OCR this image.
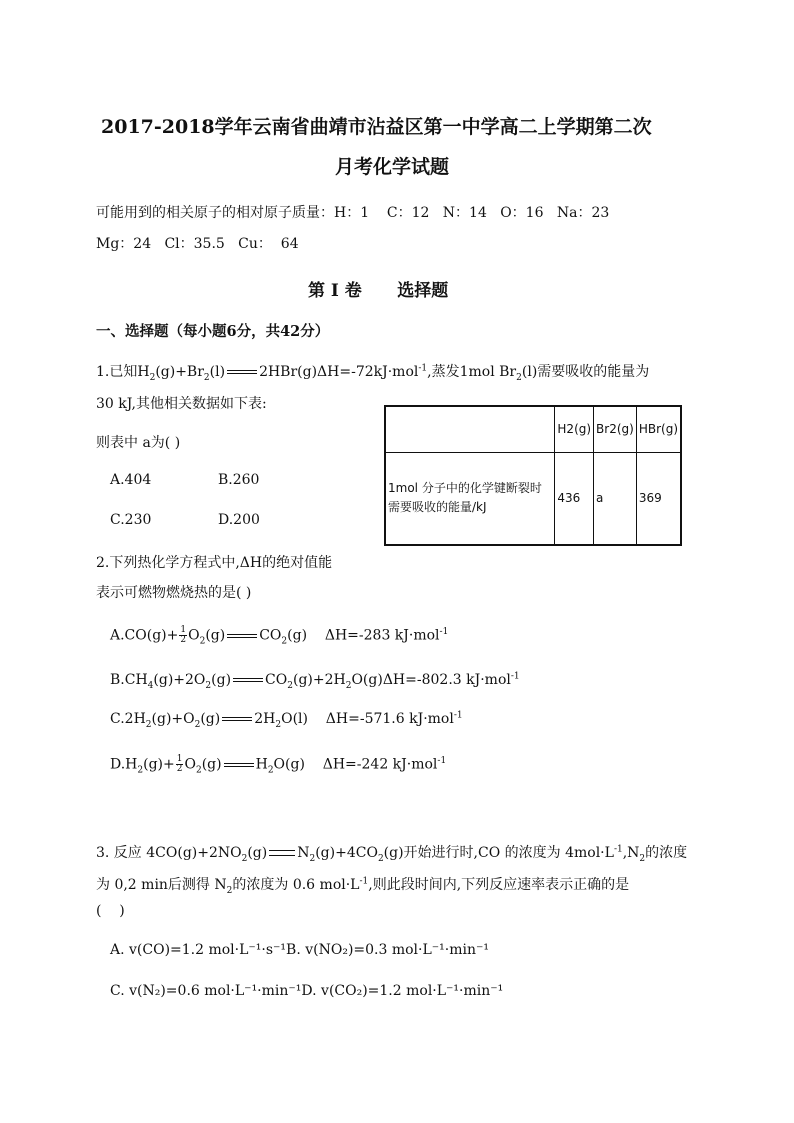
2017-2018学年云南省曲靖市沾益区第一中学高二上学期第二次
月考化学试题
可能用到的相关原子的相对原子质量：H：1    C：12   N：14   O：16   Na：23
Mg：24   Cl：35.5   Cu：  64
第 Ⅰ 卷      选择题
一、选择题（每小题6分，共42分）
1.已知$H_2(g)+Br_2(l)$ 2HBr(g)ΔH=-72kJ·mol$^{-1}$,蒸发1mol $Br_2(l)$需要吸收的能量为
30 kJ,其他相关数据如下表:
则表中 a为( )
A.404	B.260
C.230	D.200
	H2(g)	Br2(g)	HBr(g)
1mol 分子中的化学键断裂时需要吸收的能量/kJ	436	a	369
2.下列热化学方程式中,ΔH的绝对值能
表示可燃物燃烧热的是( )
$A.CO(g)+ \frac{1}{2} O_2(g)$ $CO_2(g)$ ΔH=-283 kJ·mol$^{-1}$
$B.CH_4(g)+2O_2(g)$ $CO_2(g)+2H_2O(g)\Delta H=-802.3$ kJ·mol$^{-1}$
$C.2H_2(g)+O_2(g)$ $2H_2O(l)$ ΔH=-571.6 kJ·mol$^{-1}$
$D.H_2(g)+ \frac{1}{2} O_2(g)$ $H_2O(g)$ ΔH=-242 kJ·mol$^{-1}$
3. 反应 $4CO(g)+2NO_2(g)$ $N_2(g)+4CO_2(g)$开始进行时,CO 的浓度为 $4mol\cdot L^{-1},N_2$的浓度
为 0,2 min后测得 $N_2$的浓度为 0.6 $mol\cdot L^{-1}$,则此段时间内,下列反应速率表示正确的是
(    )
A. v(CO)=1.2 mol·L⁻¹·s⁻¹B. v(NO₂)=0.3 mol·L⁻¹·min⁻¹
C. v(N₂)=0.6 mol·L⁻¹·min⁻¹D. v(CO₂)=1.2 mol·L⁻¹·min⁻¹
